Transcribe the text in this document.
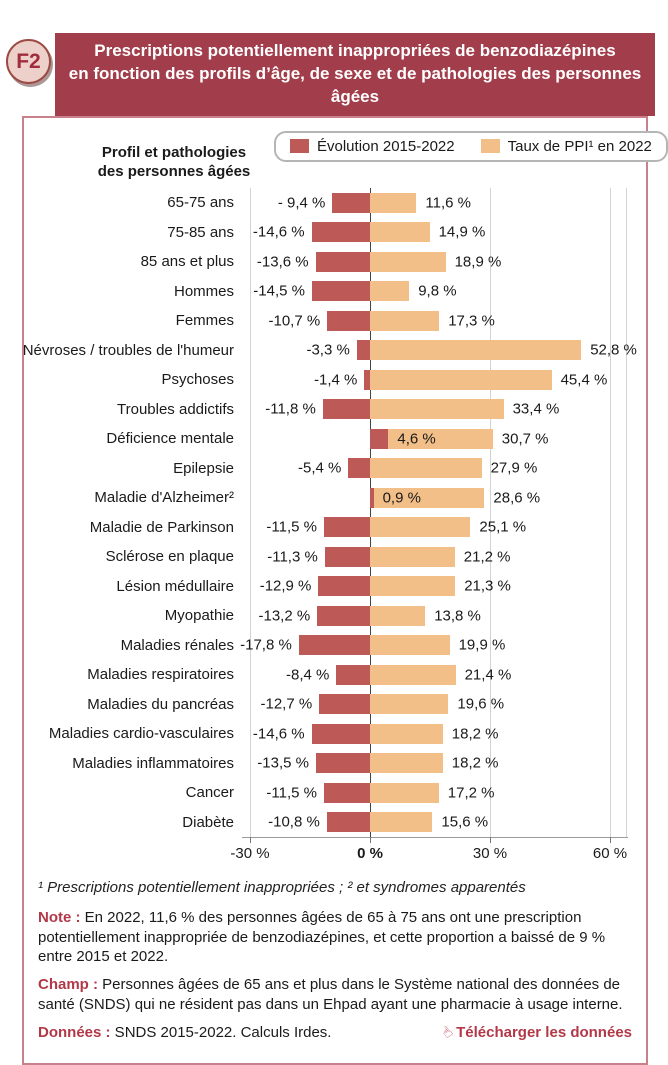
F2	Prescriptions potentiellement inappropriées de benzodiazépines
en fonction des profils d’âge, de sexe et de pathologies des personnes âgées
Profil et pathologies des personnes âgées
Évolution 2015-2022	Taux de PPI¹ en 2022
65-75 ans	- 9,4 %	11,6 %
75-85 ans	-14,6 %	14,9 %
85 ans et plus	-13,6 %	18,9 %
Hommes	-14,5 %	9,8 %
Femmes	-10,7 %	17,3 %
Névroses / troubles de l'humeur	-3,3 %	52,8 %
Psychoses	-1,4 %	45,4 %
Troubles addictifs	-11,8 %	33,4 %
Déficience mentale	4,6 %	30,7 %
Epilepsie	-5,4 %	27,9 %
Maladie d'Alzheimer²	0,9 %	28,6 %
Maladie de Parkinson	-11,5 %	25,1 %
Sclérose en plaque	-11,3 %	21,2 %
Lésion médullaire	-12,9 %	21,3 %
Myopathie	-13,2 %	13,8 %
Maladies rénales -17,8 %	19,9 %
Maladies respiratoires	-8,4 %	21,4 %
Maladies du pancréas	-12,7 %	19,6 %
Maladies cardio-vasculaires	-14,6 %	18,2 %
Maladies inflammatoires	-13,5 %	18,2 %
Cancer	-11,5 %	17,2 %
Diabète	-10,8 %	15,6 %
-30 %	0 %	30 %	60 %
¹ Prescriptions potentiellement inappropriées ; ² et syndromes apparentés

Note : En 2022, 11,6 % des personnes âgées de 65 à 75 ans ont une prescription potentiellement inappropriée de benzodiazépines, et cette proportion a baissé de 9 % entre 2015 et 2022.

Champ : Personnes âgées de 65 ans et plus dans le Système national des données de santé (SNDS) qui ne résident pas dans un Ehpad ayant une pharmacie à usage interne.

Données : SNDS 2015-2022. Calculs Irdes.	☝ Télécharger les données
